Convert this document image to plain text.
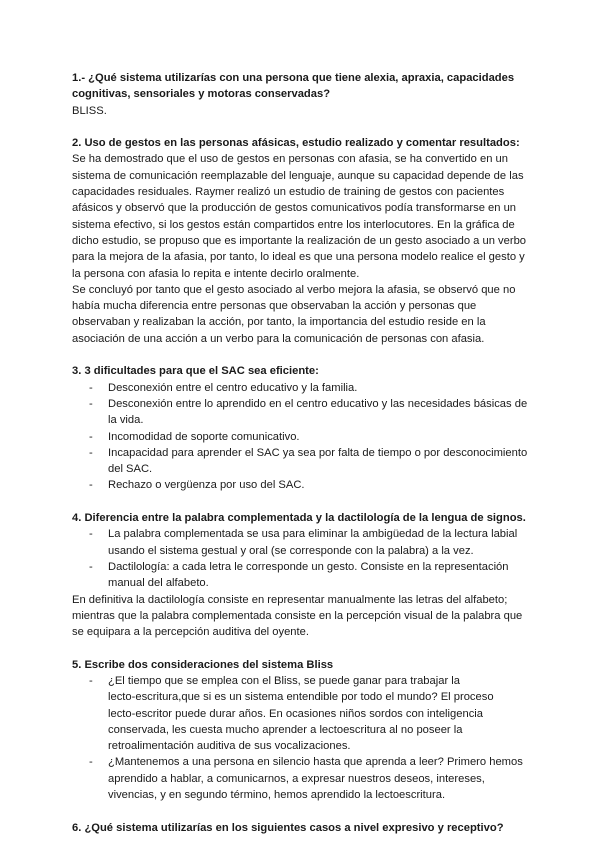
1.- ¿Qué sistema utilizarías con una persona que tiene alexia, apraxia, capacidades
cognitivas, sensoriales y motoras conservadas?
BLISS.
2. Uso de gestos en las personas afásicas, estudio realizado y comentar resultados:
Se ha demostrado que el uso de gestos en personas con afasia, se ha convertido en un
sistema de comunicación reemplazable del lenguaje, aunque su capacidad depende de las
capacidades residuales. Raymer realizó un estudio de training de gestos con pacientes
afásicos y observó que la producción de gestos comunicativos podía transformarse en un
sistema efectivo, si los gestos están compartidos entre los interlocutores. En la gráfica de
dicho estudio, se propuso que es importante la realización de un gesto asociado a un verbo
para la mejora de la afasia, por tanto, lo ideal es que una persona modelo realice el gesto y
la persona con afasia lo repita e intente decirlo oralmente.
Se concluyó por tanto que el gesto asociado al verbo mejora la afasia, se observó que no
había mucha diferencia entre personas que observaban la acción y personas que
observaban y realizaban la acción, por tanto, la importancia del estudio reside en la
asociación de una acción a un verbo para la comunicación de personas con afasia.
3. 3 dificultades para que el SAC sea eficiente:
- Desconexión entre el centro educativo y la familia.
- Desconexión entre lo aprendido en el centro educativo y las necesidades básicas de
la vida.
- Incomodidad de soporte comunicativo.
- Incapacidad para aprender el SAC ya sea por falta de tiempo o por desconocimiento
del SAC.
- Rechazo o vergüenza por uso del SAC.
4. Diferencia entre la palabra complementada y la dactilología de la lengua de signos.
- La palabra complementada se usa para eliminar la ambigüedad de la lectura labial
usando el sistema gestual y oral (se corresponde con la palabra) a la vez.
- Dactilología: a cada letra le corresponde un gesto. Consiste en la representación
manual del alfabeto.
En definitiva la dactilología consiste en representar manualmente las letras del alfabeto;
mientras que la palabra complementada consiste en la percepción visual de la palabra que
se equipara a la percepción auditiva del oyente.
5. Escribe dos consideraciones del sistema Bliss
- ¿El tiempo que se emplea con el Bliss, se puede ganar para trabajar la
lecto-escritura,que si es un sistema entendible por todo el mundo? El proceso
lecto-escritor puede durar años. En ocasiones niños sordos con inteligencia
conservada, les cuesta mucho aprender a lectoescritura al no poseer la
retroalimentación auditiva de sus vocalizaciones.
- ¿Mantenemos a una persona en silencio hasta que aprenda a leer? Primero hemos
aprendido a hablar, a comunicarnos, a expresar nuestros deseos, intereses,
vivencias, y en segundo término, hemos aprendido la lectoescritura.
6. ¿Qué sistema utilizarías en los siguientes casos a nivel expresivo y receptivo?
